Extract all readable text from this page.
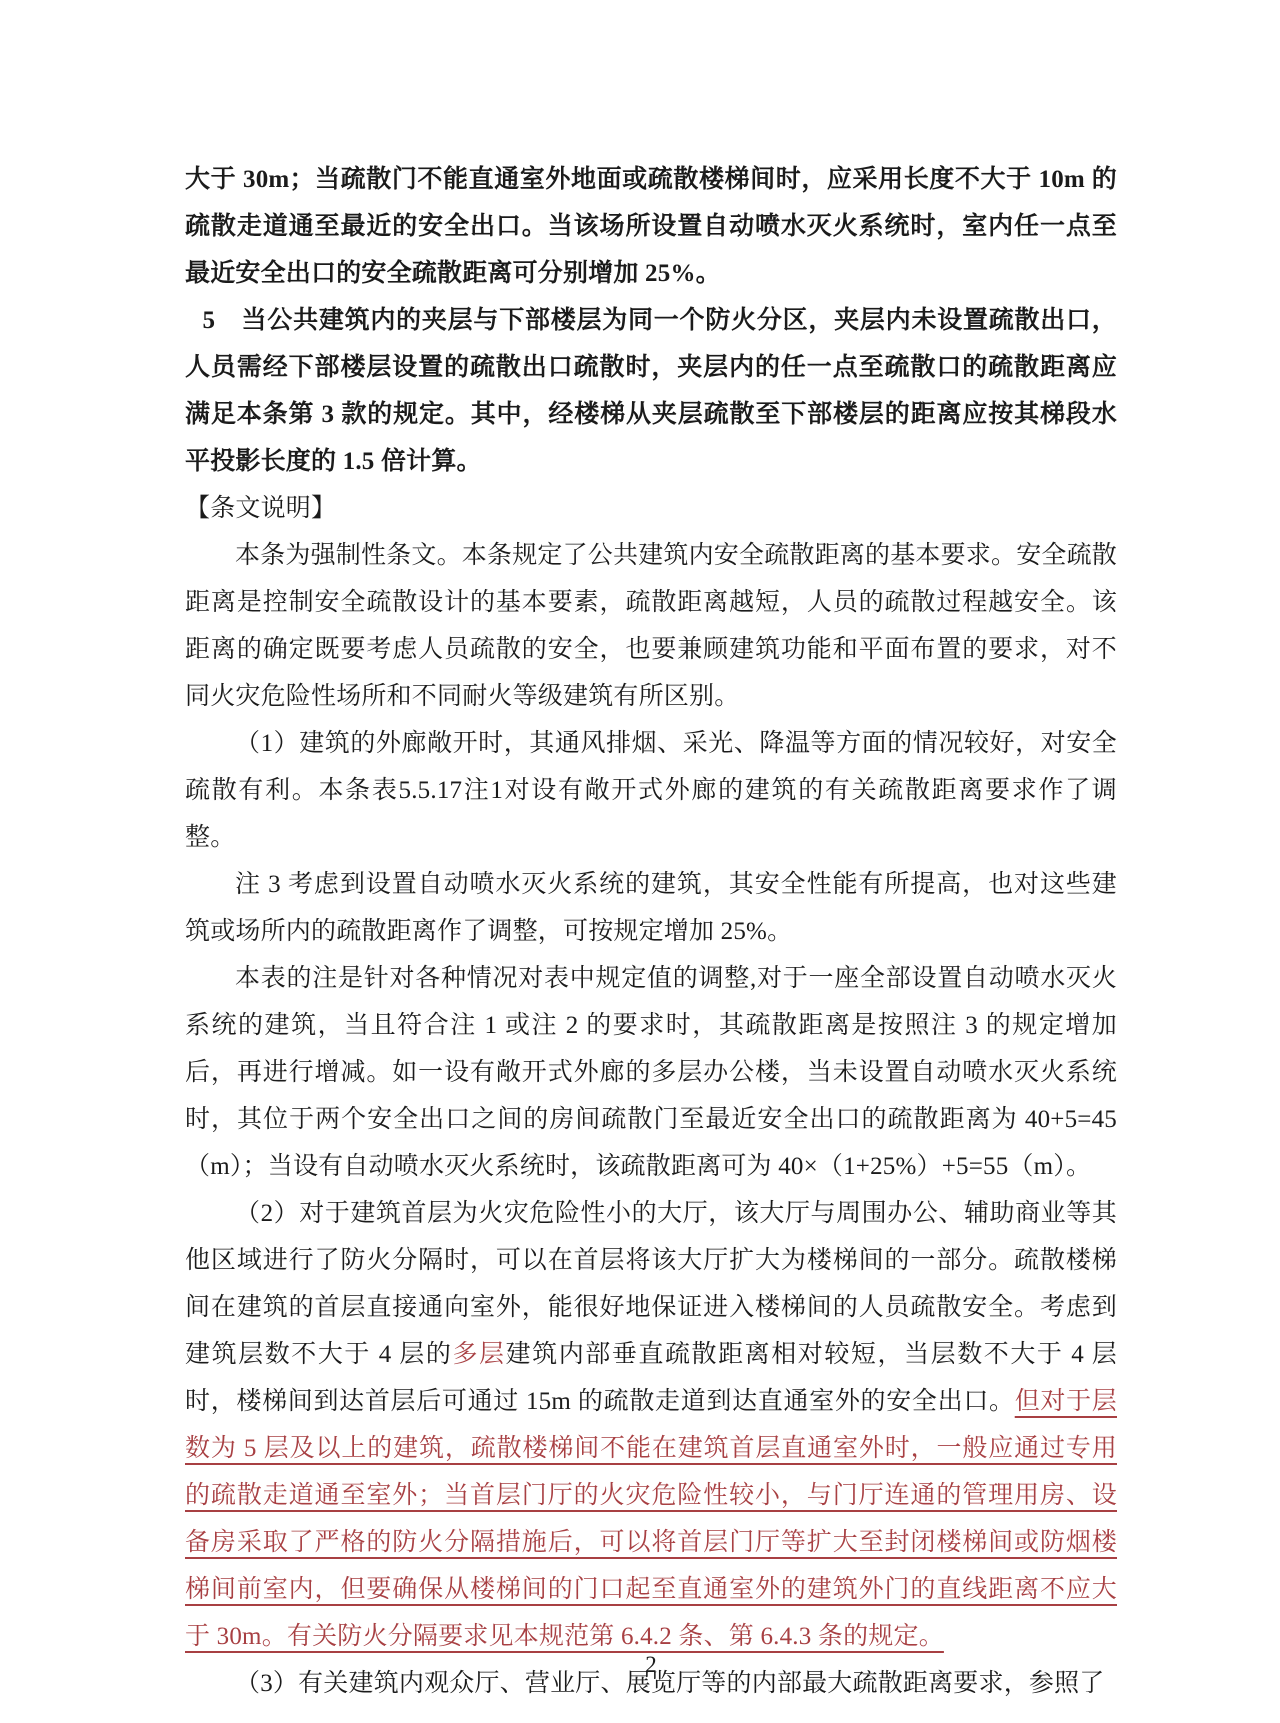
大于 30m；当疏散门不能直通室外地面或疏散楼梯间时，应采用长度不大于 10m 的疏散走道通至最近的安全出口。当该场所设置自动喷水灭火系统时，室内任一点至最近安全出口的安全疏散距离可分别增加 25%。

5　当公共建筑内的夹层与下部楼层为同一个防火分区，夹层内未设置疏散出口，人员需经下部楼层设置的疏散出口疏散时，夹层内的任一点至疏散口的疏散距离应满足本条第 3 款的规定。其中，经楼梯从夹层疏散至下部楼层的距离应按其梯段水平投影长度的 1.5 倍计算。

【条文说明】

本条为强制性条文。本条规定了公共建筑内安全疏散距离的基本要求。安全疏散距离是控制安全疏散设计的基本要素，疏散距离越短，人员的疏散过程越安全。该距离的确定既要考虑人员疏散的安全，也要兼顾建筑功能和平面布置的要求，对不同火灾危险性场所和不同耐火等级建筑有所区别。

（1）建筑的外廊敞开时，其通风排烟、采光、降温等方面的情况较好，对安全疏散有利。本条表5.5.17注1对设有敞开式外廊的建筑的有关疏散距离要求作了调整。

注 3 考虑到设置自动喷水灭火系统的建筑，其安全性能有所提高，也对这些建筑或场所内的疏散距离作了调整，可按规定增加 25%。

本表的注是针对各种情况对表中规定值的调整,对于一座全部设置自动喷水灭火系统的建筑，当且符合注 1 或注 2 的要求时，其疏散距离是按照注 3 的规定增加后，再进行增减。如一设有敞开式外廊的多层办公楼，当未设置自动喷水灭火系统时，其位于两个安全出口之间的房间疏散门至最近安全出口的疏散距离为 40+5=45（m）；当设有自动喷水灭火系统时，该疏散距离可为 40×（1+25%）+5=55（m）。

（2）对于建筑首层为火灾危险性小的大厅，该大厅与周围办公、辅助商业等其他区域进行了防火分隔时，可以在首层将该大厅扩大为楼梯间的一部分。疏散楼梯间在建筑的首层直接通向室外，能很好地保证进入楼梯间的人员疏散安全。考虑到建筑层数不大于 4 层的多层建筑内部垂直疏散距离相对较短，当层数不大于 4 层时，楼梯间到达首层后可通过 15m 的疏散走道到达直通室外的安全出口。但对于层数为 5 层及以上的建筑，疏散楼梯间不能在建筑首层直通室外时，一般应通过专用的疏散走道通至室外；当首层门厅的火灾危险性较小，与门厅连通的管理用房、设备房采取了严格的防火分隔措施后，可以将首层门厅等扩大至封闭楼梯间或防烟楼梯间前室内，但要确保从楼梯间的门口起至直通室外的建筑外门的直线距离不应大于 30m。有关防火分隔要求见本规范第 6.4.2 条、第 6.4.3 条的规定。

（3）有关建筑内观众厅、营业厅、展览厅等的内部最大疏散距离要求，参照了

2
